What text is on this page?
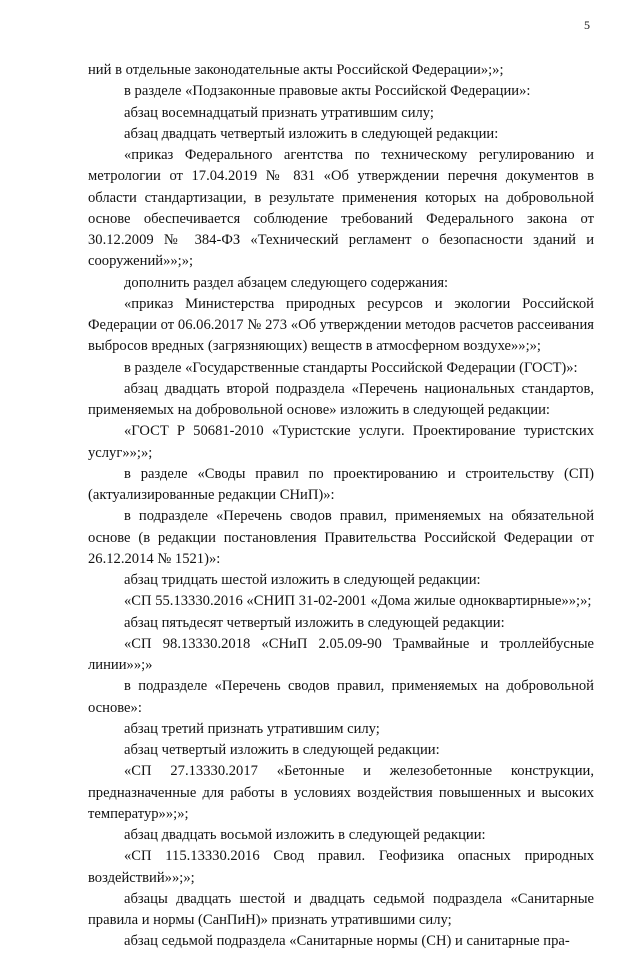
5

ний в отдельные законодательные акты Российской Федерации»;»;

в разделе «Подзаконные правовые акты Российской Федерации»:

абзац восемнадцатый признать утратившим силу;

абзац двадцать четвертый изложить в следующей редакции:

«приказ Федерального агентства по техническому регулированию и метрологии от 17.04.2019 № 831 «Об утверждении перечня документов в области стандартизации, в результате применения которых на добровольной основе обеспечивается соблюдение требований Федерального закона от 30.12.2009 № 384-ФЗ «Технический регламент о безопасности зданий и сооружений»»;»;

дополнить раздел абзацем следующего содержания:

«приказ Министерства природных ресурсов и экологии Российской Федерации от 06.06.2017 № 273 «Об утверждении методов расчетов рассеивания выбросов вредных (загрязняющих) веществ в атмосферном воздухе»»;»;

в разделе «Государственные стандарты Российской Федерации (ГОСТ)»:

абзац двадцать второй подраздела «Перечень национальных стандартов, применяемых на добровольной основе» изложить в следующей редакции:

«ГОСТ Р 50681-2010 «Туристские услуги. Проектирование туристских услуг»»;»;

в разделе «Своды правил по проектированию и строительству (СП) (актуализированные редакции СНиП)»:

в подразделе «Перечень сводов правил, применяемых на обязательной основе (в редакции постановления Правительства Российской Федерации от 26.12.2014 № 1521)»:

абзац тридцать шестой изложить в следующей редакции:

«СП 55.13330.2016 «СНИП 31-02-2001 «Дома жилые одноквартирные»»;»;

абзац пятьдесят четвертый изложить в следующей редакции:

«СП 98.13330.2018 «СНиП 2.05.09-90 Трамвайные и троллейбусные линии»»;»

в подразделе «Перечень сводов правил, применяемых на добровольной основе»:

абзац третий признать утратившим силу;

абзац четвертый изложить в следующей редакции:

«СП 27.13330.2017 «Бетонные и железобетонные конструкции, предназначенные для работы в условиях воздействия повышенных и высоких температур»»;»;

абзац двадцать восьмой изложить в следующей редакции:

«СП 115.13330.2016 Свод правил. Геофизика опасных природных воздействий»»;»;

абзацы двадцать шестой и двадцать седьмой подраздела «Санитарные правила и нормы (СанПиН)» признать утратившими силу;

абзац седьмой подраздела «Санитарные нормы (СН) и санитарные пра-
